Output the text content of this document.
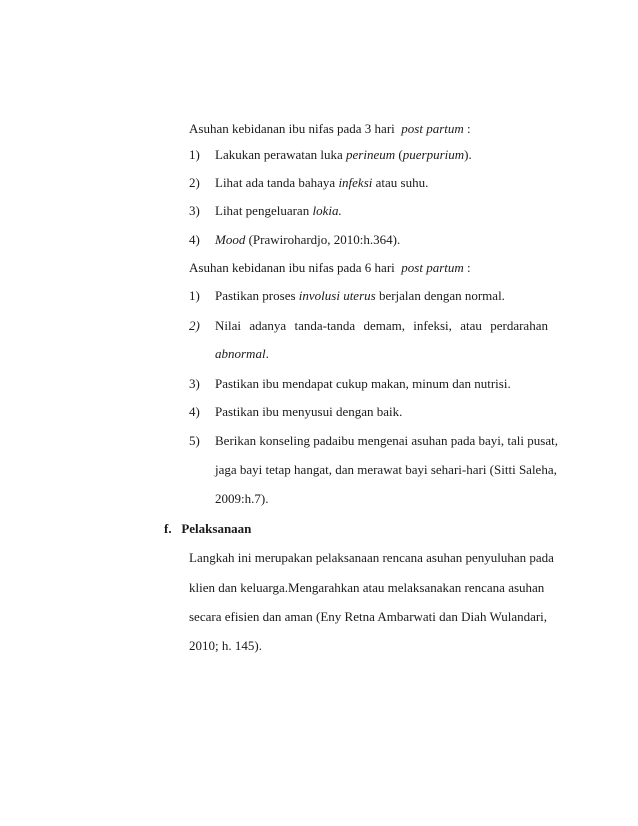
Asuhan kebidanan ibu nifas pada 3 hari post partum :
1) Lakukan perawatan luka perineum (puerpurium).
2) Lihat ada tanda bahaya infeksi atau suhu.
3) Lihat pengeluaran lokia.
4) Mood (Prawirohardjo, 2010:h.364).
Asuhan kebidanan ibu nifas pada 6 hari post partum :
1) Pastikan proses involusi uterus berjalan dengan normal.
2) Nilai adanya tanda-tanda demam, infeksi, atau perdarahan
abnormal.
3) Pastikan ibu mendapat cukup makan, minum dan nutrisi.
4) Pastikan ibu menyusui dengan baik.
5) Berikan konseling padaibu mengenai asuhan pada bayi, tali pusat,
jaga bayi tetap hangat, dan merawat bayi sehari-hari (Sitti Saleha,
2009:h.7).
f. Pelaksanaan
Langkah ini merupakan pelaksanaan rencana asuhan penyuluhan pada
klien dan keluarga.Mengarahkan atau melaksanakan rencana asuhan
secara efisien dan aman (Eny Retna Ambarwati dan Diah Wulandari,
2010; h. 145).
